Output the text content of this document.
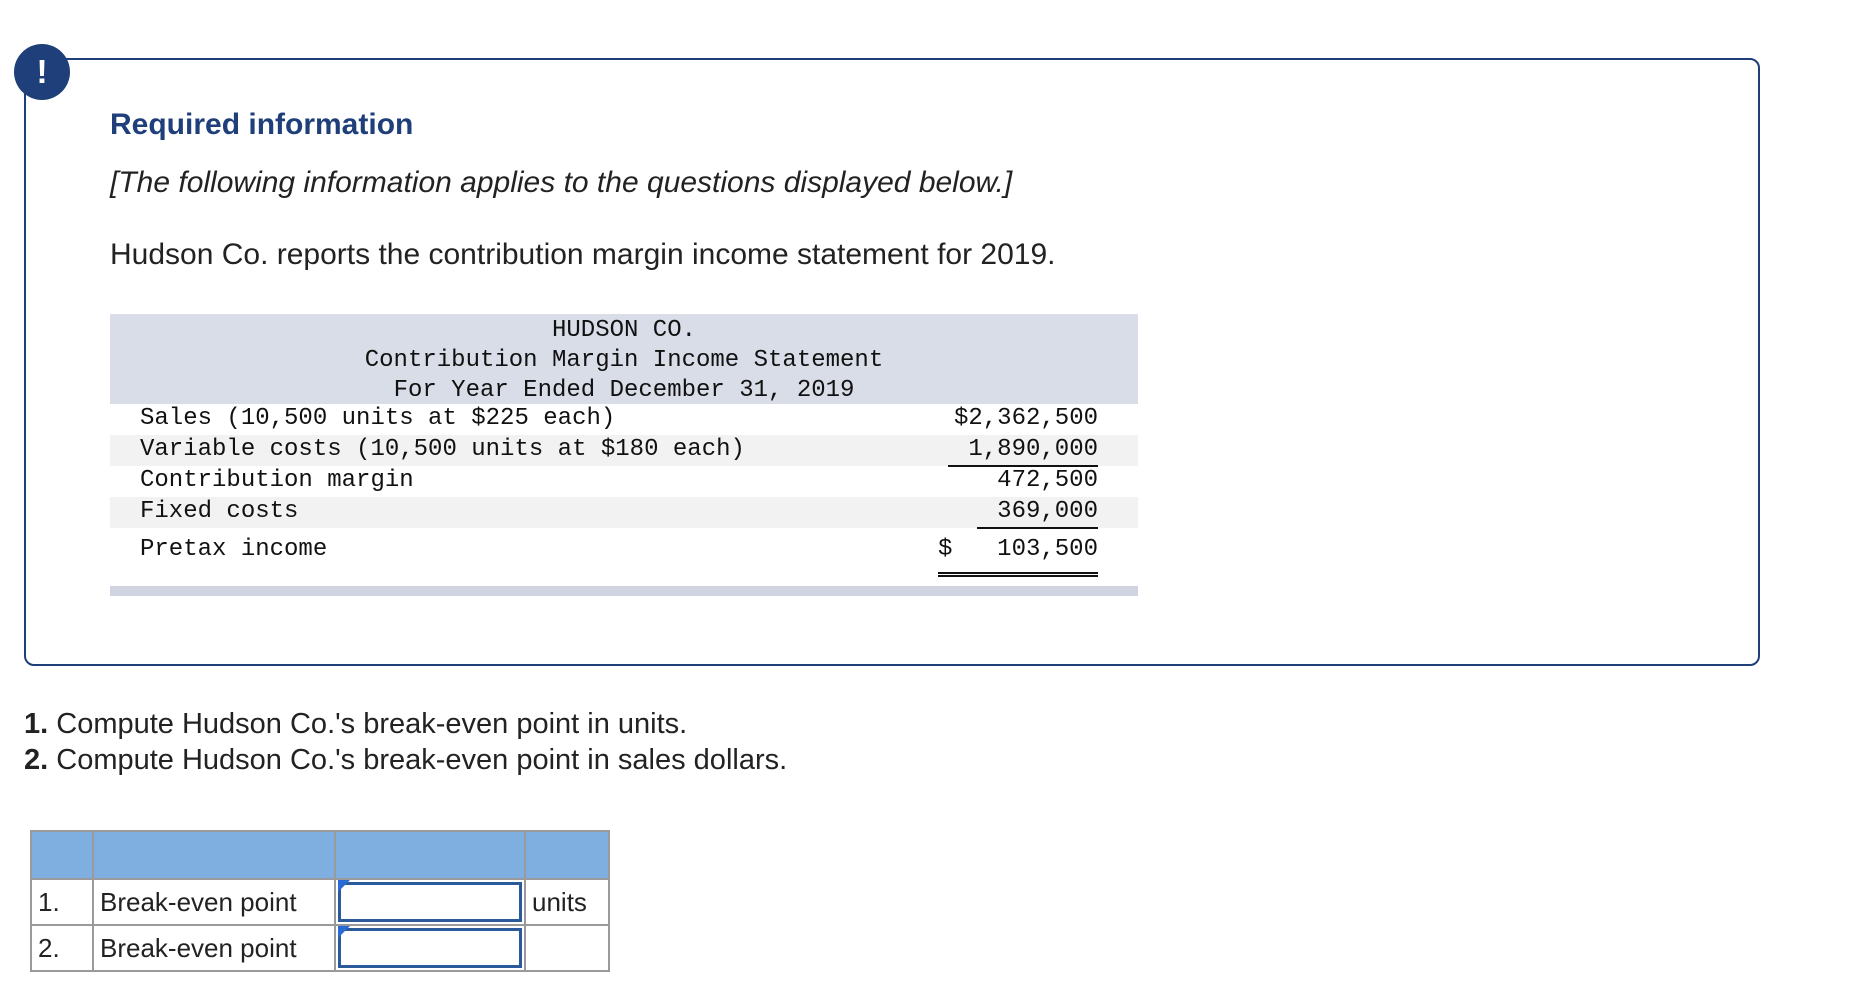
!
Required information
[The following information applies to the questions displayed below.]
Hudson Co. reports the contribution margin income statement for 2019.
HUDSON CO.
Contribution Margin Income Statement
For Year Ended December 31, 2019
Sales (10,500 units at $225 each)	$2,362,500
Variable costs (10,500 units at $180 each)	1,890,000
Contribution margin	472,500
Fixed costs	369,000
Pretax income	$ 103,500
1. Compute Hudson Co.'s break-even point in units.
2. Compute Hudson Co.'s break-even point in sales dollars.

1.	Break-even point		units
2.	Break-even point	
